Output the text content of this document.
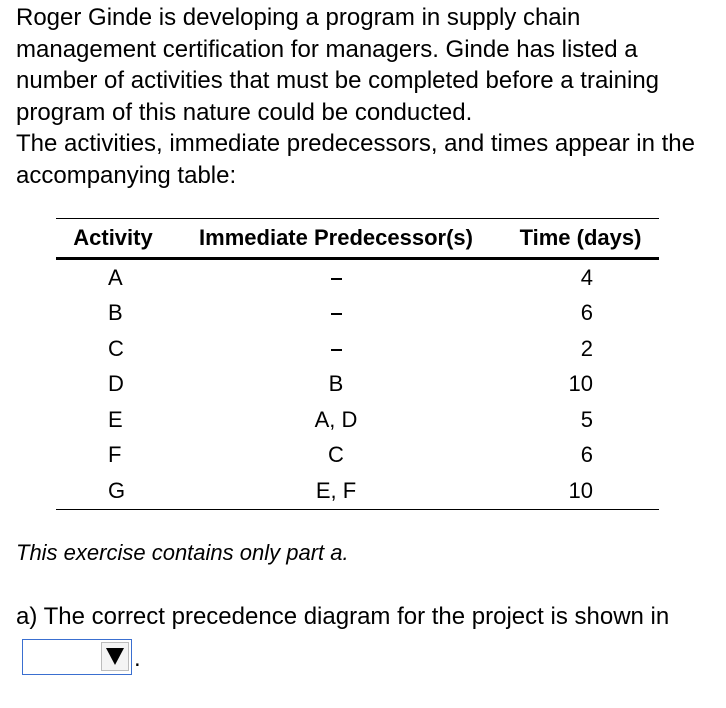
Roger Ginde is developing a program in supply chain management certification for managers. Ginde has listed a number of activities that must be completed before a training program of this nature could be conducted.

The activities, immediate predecessors, and times appear in the accompanying table:

Activity	Immediate Predecessor(s)	Time (days)
A		4
B		6
C		2
D	B	10
E	A, D	5
F	C	6
G	E, F	10

This exercise contains only part a.

a) The correct precedence diagram for the project is shown in
.
